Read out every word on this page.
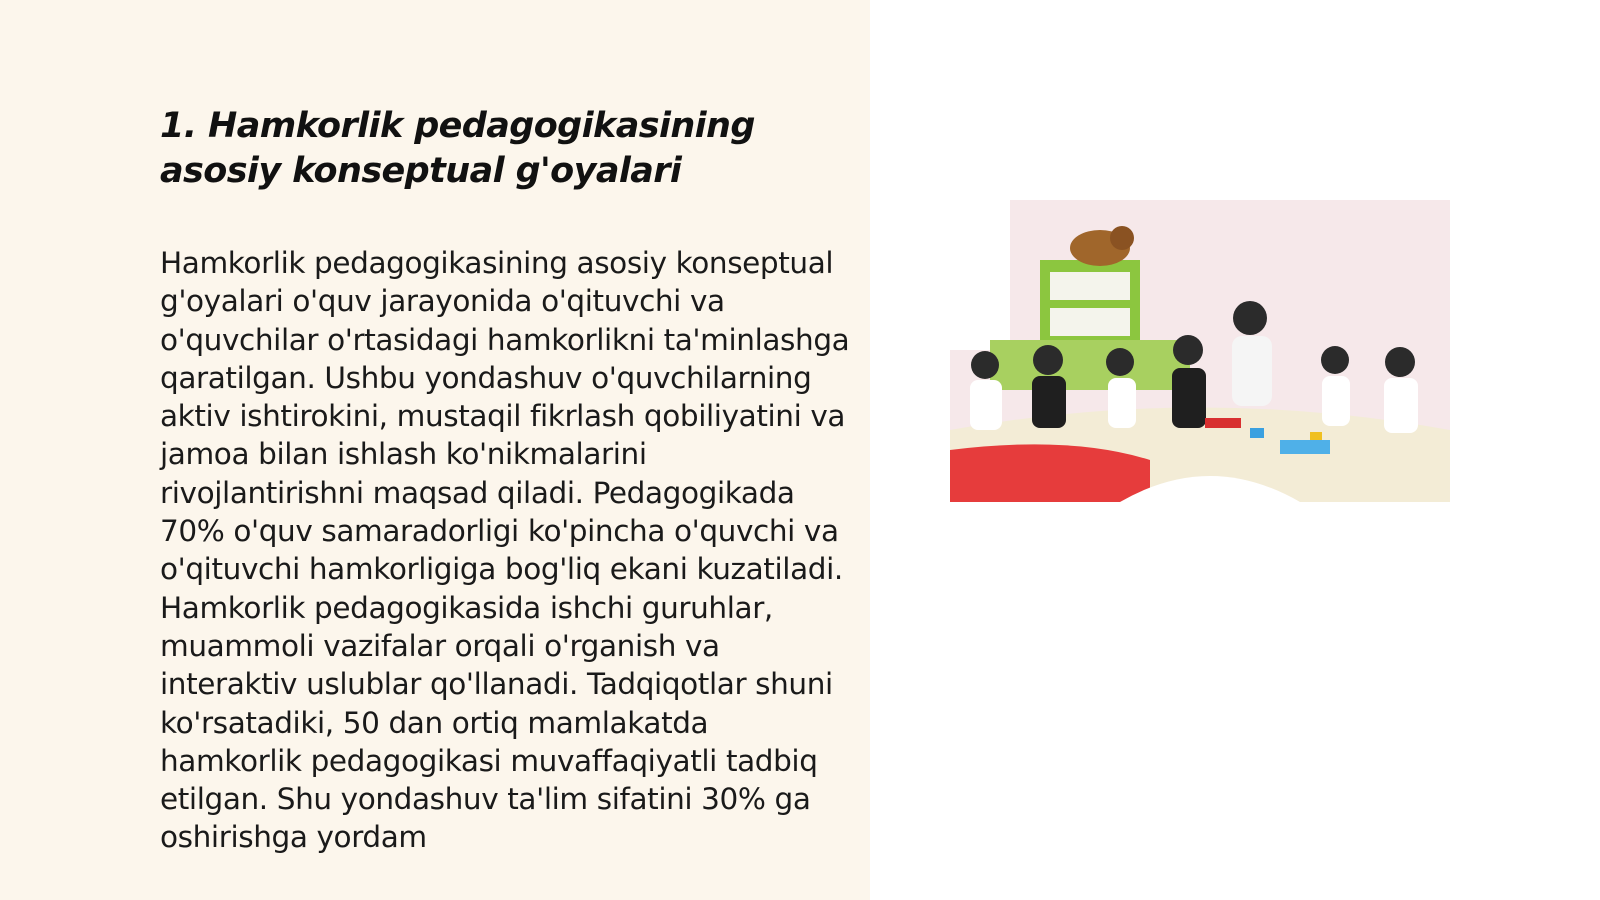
1. Hamkorlik pedagogikasining asosiy konseptual g'oyalari

Hamkorlik pedagogikasining asosiy konseptual g'oyalari o'quv jarayonida o'qituvchi va o'quvchilar o'rtasidagi hamkorlikni ta'minlashga qaratilgan. Ushbu yondashuv o'quvchilarning aktiv ishtirokini, mustaqil fikrlash qobiliyatini va jamoa bilan ishlash ko'nikmalarini rivojlantirishni maqsad qiladi. Pedagogikada 70% o'quv samaradorligi ko'pincha o'quvchi va o'qituvchi hamkorligiga bog'liq ekani kuzatiladi. Hamkorlik pedagogikasida ishchi guruhlar, muammoli vazifalar orqali o'rganish va interaktiv uslublar qo'llanadi. Tadqiqotlar shuni ko'rsatadiki, 50 dan ortiq mamlakatda hamkorlik pedagogikasi muvaffaqiyatli tadbiq etilgan. Shu yondashuv ta'lim sifatini 30% ga oshirishga yordam
